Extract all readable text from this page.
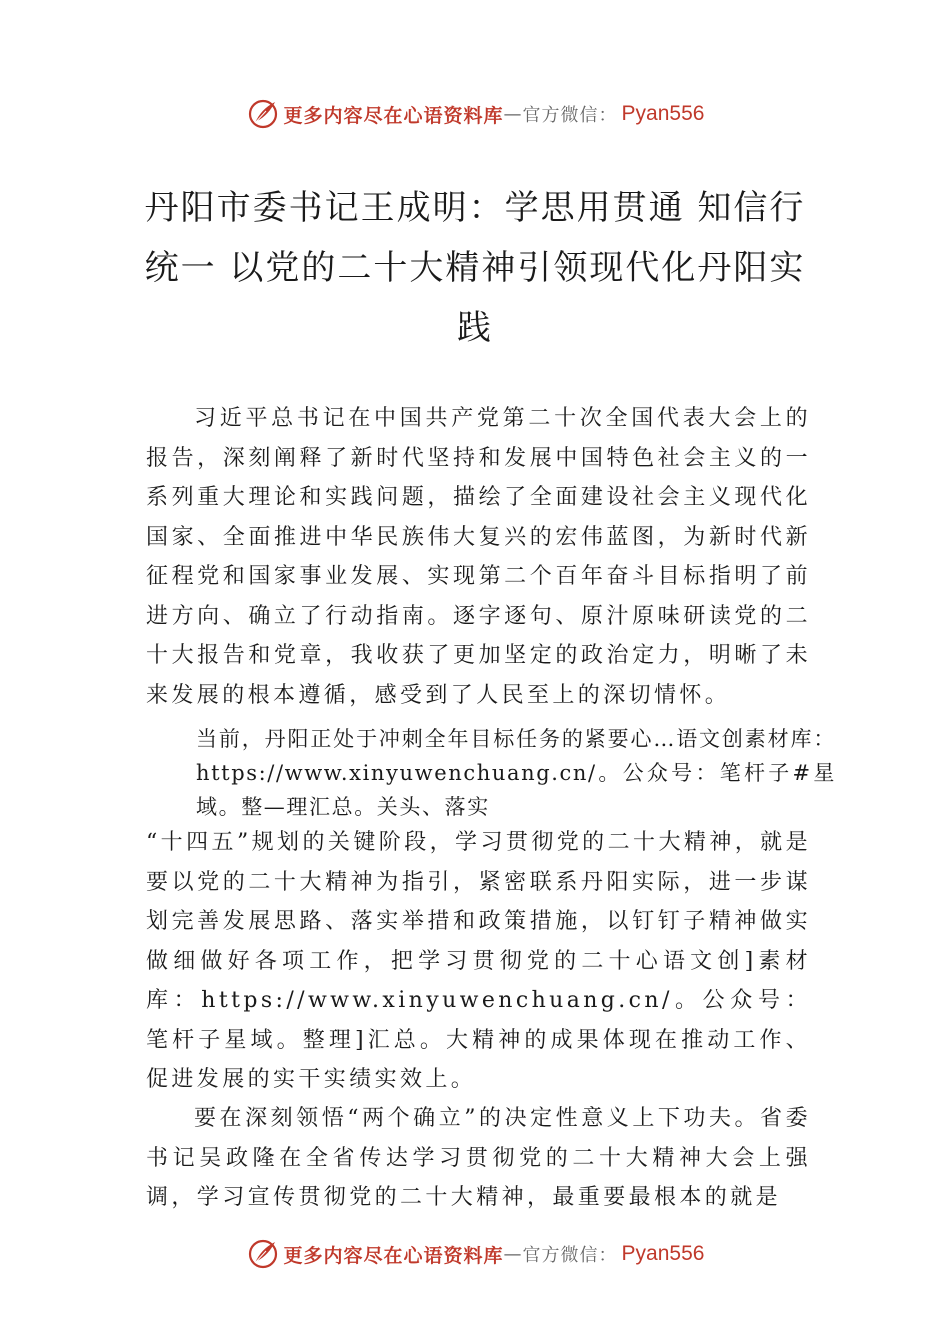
更多内容尽在心语资料库 — 官方微信： Pyan556
丹阳市委书记王成明：学思用贯通 知信行统一 以党的二十大精神引领现代化丹阳实践

习近平总书记在中国共产党第二十次全国代表大会上的报告，深刻阐释了新时代坚持和发展中国特色社会主义的一系列重大理论和实践问题，描绘了全面建设社会主义现代化国家、全面推进中华民族伟大复兴的宏伟蓝图，为新时代新征程党和国家事业发展、实现第二个百年奋斗目标指明了前进方向、确立了行动指南。逐字逐句、原汁原味研读党的二十大报告和党章，我收获了更加坚定的政治定力，明晰了未来发展的根本遵循，感受到了人民至上的深切情怀。

当前，丹阳正处于冲刺全年目标任务的紧要心…语文创素材库：https://www.xinyuwenchuang.cn/。公众号：笔杆子#星域。整—理汇总。关头、落实

“十四五”规划的关键阶段，学习贯彻党的二十大精神，就是要以党的二十大精神为指引，紧密联系丹阳实际，进一步谋划完善发展思路、落实举措和政策措施，以钉钉子精神做实做细做好各项工作，把学习贯彻党的二十心语文创]素材库：https://www.xinyuwenchuang.cn/。公众号：笔杆子星域。整理]汇总。大精神的成果体现在推动工作、促进发展的实干实绩实效上。

要在深刻领悟“两个确立”的决定性意义上下功夫。省委书记吴政隆在全省传达学习贯彻党的二十大精神大会上强调，学习宣传贯彻党的二十大精神，最重要最根本的就是

更多内容尽在心语资料库 — 官方微信： Pyan556
